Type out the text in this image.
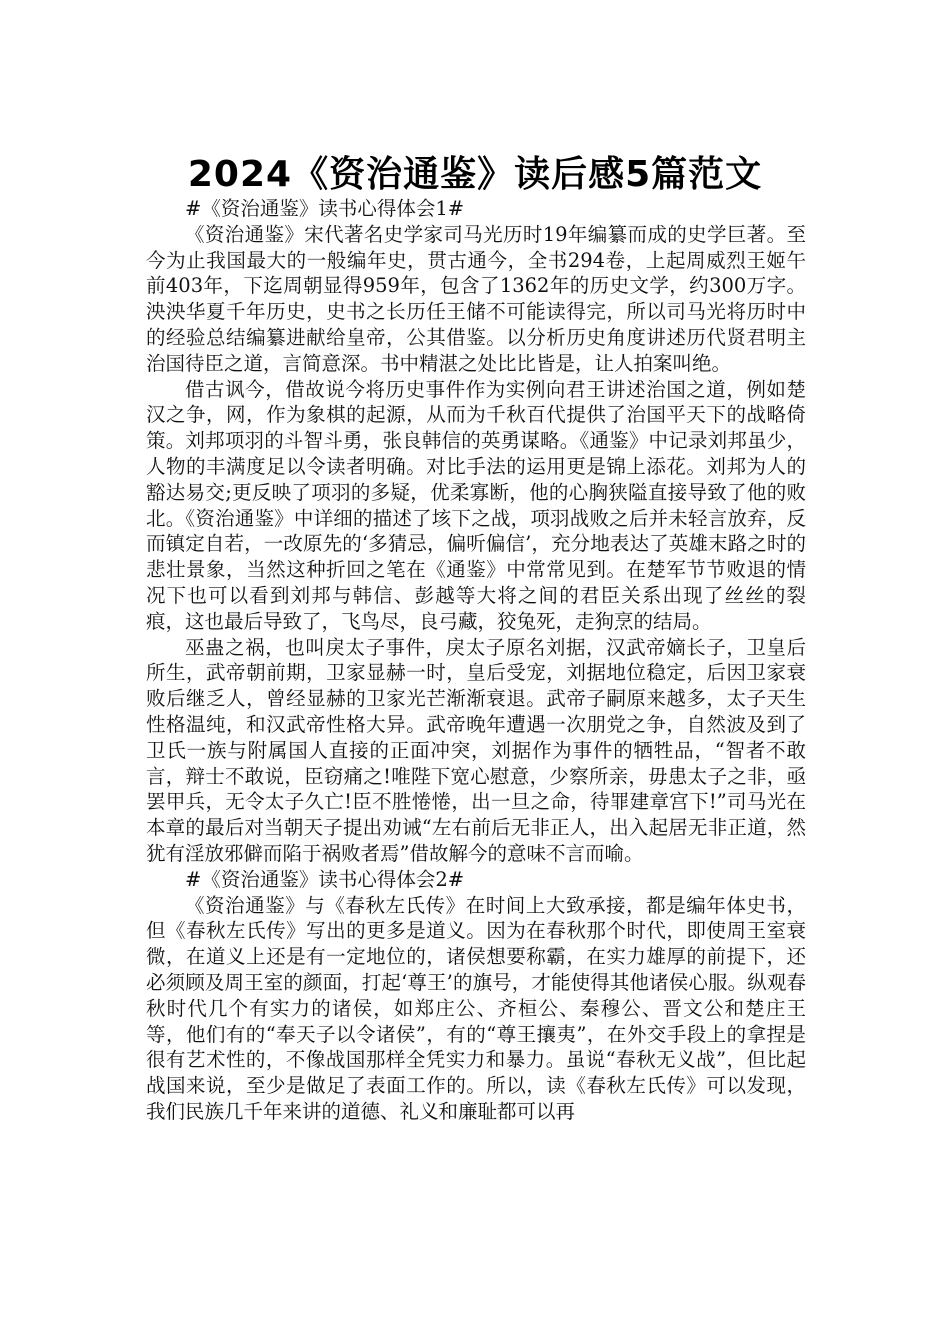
2024《资治通鉴》读后感5篇范文

#《资治通鉴》读书心得体会1#

《资治通鉴》宋代著名史学家司马光历时19年编纂而成的史学巨著。至今为止我国最大的一般编年史，贯古通今，全书294卷，上起周威烈王姬午前403年，下迄周朝显得959年，包含了1362年的历史文学，约300万字。泱泱华夏千年历史，史书之长历任王储不可能读得完，所以司马光将历时中的经验总结编纂进献给皇帝，公其借鉴。以分析历史角度讲述历代贤君明主治国待臣之道，言简意深。书中精湛之处比比皆是，让人拍案叫绝。

借古讽今，借故说今将历史事件作为实例向君王讲述治国之道，例如楚汉之争，网，作为象棋的起源，从而为千秋百代提供了治国平天下的战略倚策。刘邦项羽的斗智斗勇，张良韩信的英勇谋略。《通鉴》中记录刘邦虽少，人物的丰满度足以令读者明确。对比手法的运用更是锦上添花。刘邦为人的豁达易交;更反映了项羽的多疑，优柔寡断，他的心胸狭隘直接导致了他的败北。《资治通鉴》中详细的描述了垓下之战，项羽战败之后并未轻言放弃，反而镇定自若，一改原先的‘多猜忌，偏听偏信’，充分地表达了英雄末路之时的悲壮景象，当然这种折回之笔在《通鉴》中常常见到。在楚军节节败退的情况下也可以看到刘邦与韩信、彭越等大将之间的君臣关系出现了丝丝的裂痕，这也最后导致了，飞鸟尽，良弓藏，狡兔死，走狗烹的结局。

巫蛊之祸，也叫戾太子事件，戾太子原名刘据，汉武帝嫡长子，卫皇后所生，武帝朝前期，卫家显赫一时，皇后受宠，刘据地位稳定，后因卫家衰败后继乏人，曾经显赫的卫家光芒渐渐衰退。武帝子嗣原来越多，太子天生性格温纯，和汉武帝性格大异。武帝晚年遭遇一次朋党之争，自然波及到了卫氏一族与附属国人直接的正面冲突，刘据作为事件的牺牲品，“智者不敢言，辩士不敢说，臣窃痛之!唯陛下宽心慰意，少察所亲，毋患太子之非，亟罢甲兵，无令太子久亡!臣不胜惓惓，出一旦之命，待罪建章宫下!”司马光在本章的最后对当朝天子提出劝诫“左右前后无非正人，出入起居无非正道，然犹有淫放邪僻而陷于祸败者焉”借故解今的意味不言而喻。

#《资治通鉴》读书心得体会2#

《资治通鉴》与《春秋左氏传》在时间上大致承接，都是编年体史书，但《春秋左氏传》写出的更多是道义。因为在春秋那个时代，即使周王室衰微，在道义上还是有一定地位的，诸侯想要称霸，在实力雄厚的前提下，还必须顾及周王室的颜面，打起‘尊王’的旗号，才能使得其他诸侯心服。纵观春秋时代几个有实力的诸侯，如郑庄公、齐桓公、秦穆公、晋文公和楚庄王等，他们有的“奉天子以令诸侯”，有的“尊王攘夷”，在外交手段上的拿捏是很有艺术性的，不像战国那样全凭实力和暴力。虽说“春秋无义战”，但比起战国来说，至少是做足了表面工作的。所以，读《春秋左氏传》可以发现，我们民族几千年来讲的道德、礼义和廉耻都可以再
